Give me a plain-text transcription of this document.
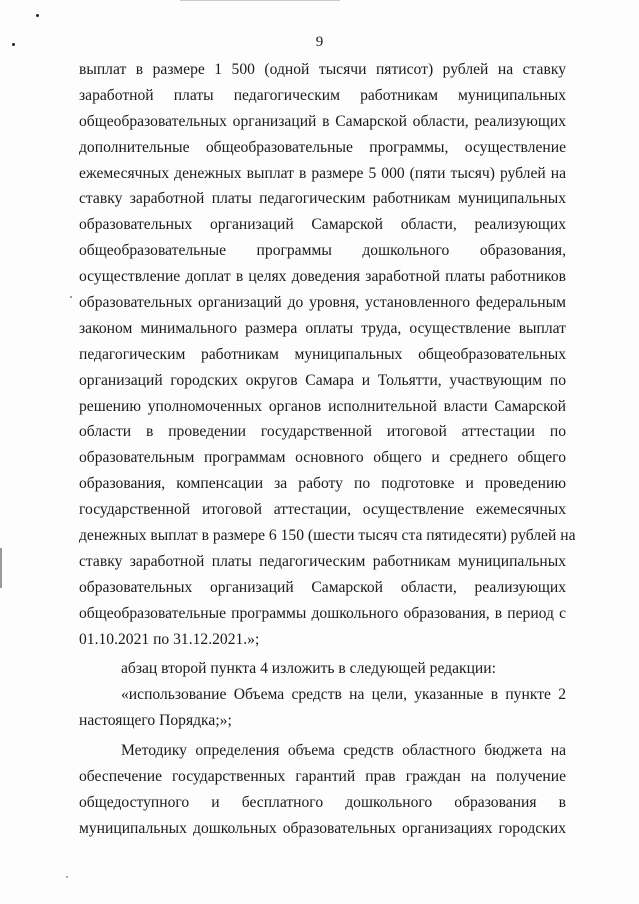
9
выплат в размере 1 500 (одной тысячи пятисот) рублей на ставку
заработной платы педагогическим работникам муниципальных
общеобразовательных организаций в Самарской области, реализующих
дополнительные общеобразовательные программы, осуществление
ежемесячных денежных выплат в размере 5 000 (пяти тысяч) рублей на
ставку заработной платы педагогическим работникам муниципальных
образовательных организаций Самарской области, реализующих
общеобразовательные программы дошкольного образования,
осуществление доплат в целях доведения заработной платы работников
образовательных организаций до уровня, установленного федеральным
законом минимального размера оплаты труда, осуществление выплат
педагогическим работникам муниципальных общеобразовательных
организаций городских округов Самара и Тольятти, участвующим по
решению уполномоченных органов исполнительной власти Самарской
области в проведении государственной итоговой аттестации по
образовательным программам основного общего и среднего общего
образования, компенсации за работу по подготовке и проведению
государственной итоговой аттестации, осуществление ежемесячных
денежных выплат в размере 6 150 (шести тысяч ста пятидесяти) рублей на
ставку заработной платы педагогическим работникам муниципальных
образовательных организаций Самарской области, реализующих
общеобразовательные программы дошкольного образования, в период с
01.10.2021 по 31.12.2021.»;
абзац второй пункта 4 изложить в следующей редакции:
«использование Объема средств на цели, указанные в пункте 2
настоящего Порядка;»;
Методику определения объема средств областного бюджета на
обеспечение государственных гарантий прав граждан на получение
общедоступного и бесплатного дошкольного образования в
муниципальных дошкольных образовательных организациях городских
